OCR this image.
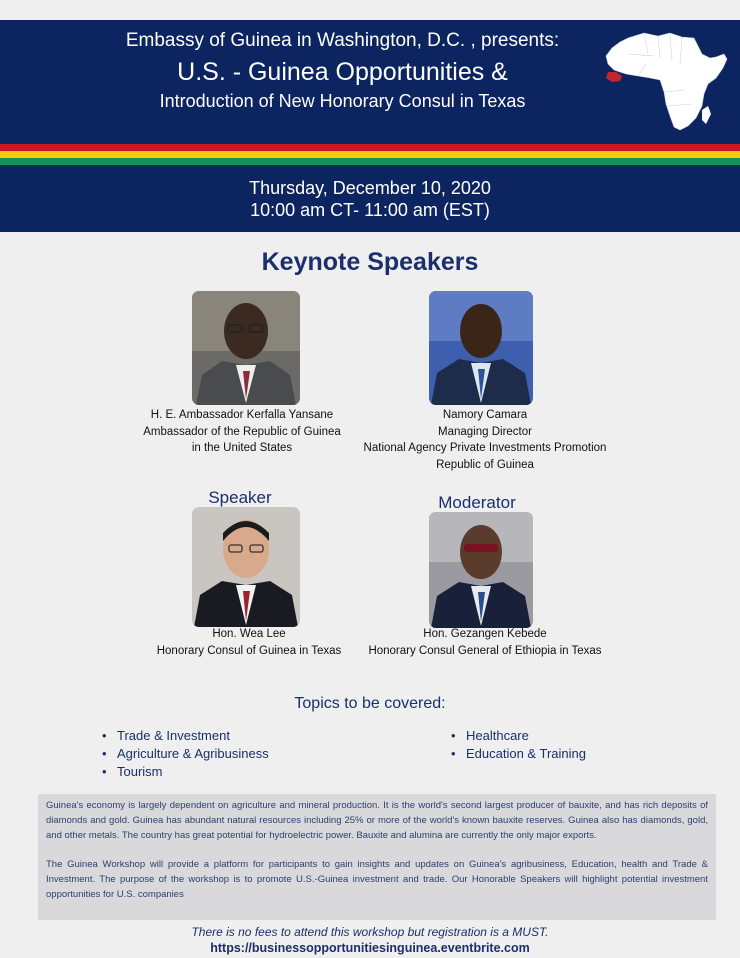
Embassy of Guinea in Washington, D.C. , presents:
U.S. - Guinea Opportunities &
Introduction of New Honorary Consul in Texas
Thursday, December 10, 2020
10:00 am CT- 11:00 am (EST)
Keynote Speakers
H. E. Ambassador Kerfalla Yansane
Ambassador of the Republic of Guinea
in the United States
Namory Camara
Managing Director
National Agency Private Investments Promotion
Republic of Guinea
Speaker
Hon. Wea Lee
Honorary Consul of Guinea in Texas
Moderator
Hon. Gezangen Kebede
Honorary Consul General of Ethiopia in Texas
Topics to be covered:
• Trade & Investment
• Agriculture & Agribusiness
• Tourism
• Healthcare
• Education & Training

Guinea's economy is largely dependent on agriculture and mineral production. It is the world's second largest producer of bauxite, and has rich deposits of diamonds and gold. Guinea has abundant natural resources including 25% or more of the world's known bauxite reserves. Guinea also has diamonds, gold, and other metals. The country has great potential for hydroelectric power. Bauxite and alumina are currently the only major exports.

The Guinea Workshop will provide a platform for participants to gain insights and updates on Guinea's agribusiness, Education, health and Trade & Investment. The purpose of the workshop is to promote U.S.-Guinea investment and trade. Our Honorable Speakers will highlight potential investment opportunities for U.S. companies

There is no fees to attend this workshop but registration is a MUST.
https://businessopportunitiesinguinea.eventbrite.com
